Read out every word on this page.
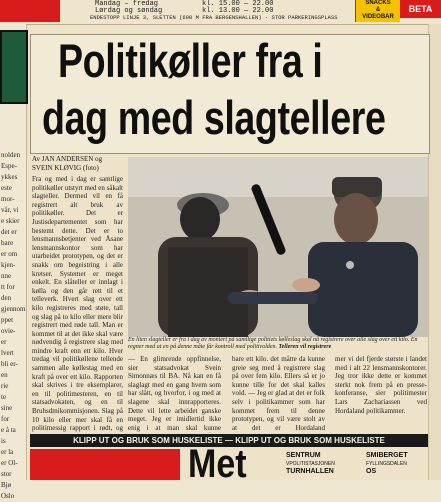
Mandag – fredag	kl. 15.00 — 22.00
Lørdag og søndag	kl. 13.00 — 22.00
ENDESTOPP LINJE 3, SLETTEN (600 M FRA BERGENSHALLEN) · STOR PARKERINGSPLASS
SNACKS
&
VIDEOBAR
BETA
nolden
Espe-
ykkes
este
mor-
vår, vi
e skier
det er
bare
er om
kjen-
nne
tt for
den
gjennom
ppet
ovie-
er
lvert
bli er-
en
rie
te
sine
for
e å ta
is
er la
er Ol-
stor
Bjø
Oslo
Politikøller fra i
dag med slagtellere
Av JAN ANDERSEN og
SVEIN KLØVIG (foto)
Fra og med i dag er samtlige politikøller utstyrt med en såkalt slagteller. Dermed vil en få registrert alt bruk av politikøller. Det er Justisdepartementet som har bestemt dette. Det er to lensmannsbetjenter ved Åsane lensmannskontor som har utarbeidet prototypen, og det er snakk om begeistring i alle kretser. Systemet er meget enkelt. En slåteller er innlagt i kølla og den går rett til et telleverk. Hvert slag over ett kilo registreres med støte, tall og slag på to kilo eller mere blir registrert med røde tall. Man er kommet til at det ikke skal være nødvendig å registrere slag med mindre kraft enn ett kilo. Hver tredag vil politikøllene tellende sammen alle køllestag med en kraft på over ett kilo. Rapporten skal skrives i tre eksemplarer, en til politimesteren, en til statsadvokaten, og en til Bruhsdmikommisjonen. Slag på 10 kilo eller mer skal få en politimessig rapport i rødt, og
En liten slagteller er fra i dag av montert på samtlige politiets kølleslag skal nå registrere over alle slag over ett kilo. En regner med at en på denne måte får kontroll med politivolden. Telleren vil registrere
— En glimrende oppfinnelse, sier statsadvokat Svein Simonnæs til BA. Nå kan en få slaglagt med en gang hvem som har slått, og hvorfor, i og med at slagene skal innrapporteres. Dette vil lette arbeidet ganske meget. Jeg er imidlertid ikke enig i at man skal kunne
bare ett kilo. det måtte da kunne greie seg med å registrere slag på over fem kilo. Ellers så er jo kunne tille for det skal kalles vold. — Jeg er glad at det er folk selv i politikammer som har kommet frem til denne prototypen, og vil være stolt av at det er Hordaland
mer vi del fjerde største i landet med i alt 22 lensmannskontorer. Jeg tror ikke dette er kommet sterkt nok frem på en presse-konferanse, sier politimester Lars Zachariassen ved Hordaland politikammer.
KLIPP UT OG BRUK SOM HUSKELISTE — KLIPP UT OG BRUK SOM HUSKELISTE
Met	SENTRUM
VPOLITISTASJONEN
TURNHALLEN
SMIBERGET
FYLLINGSDALEN
OS
